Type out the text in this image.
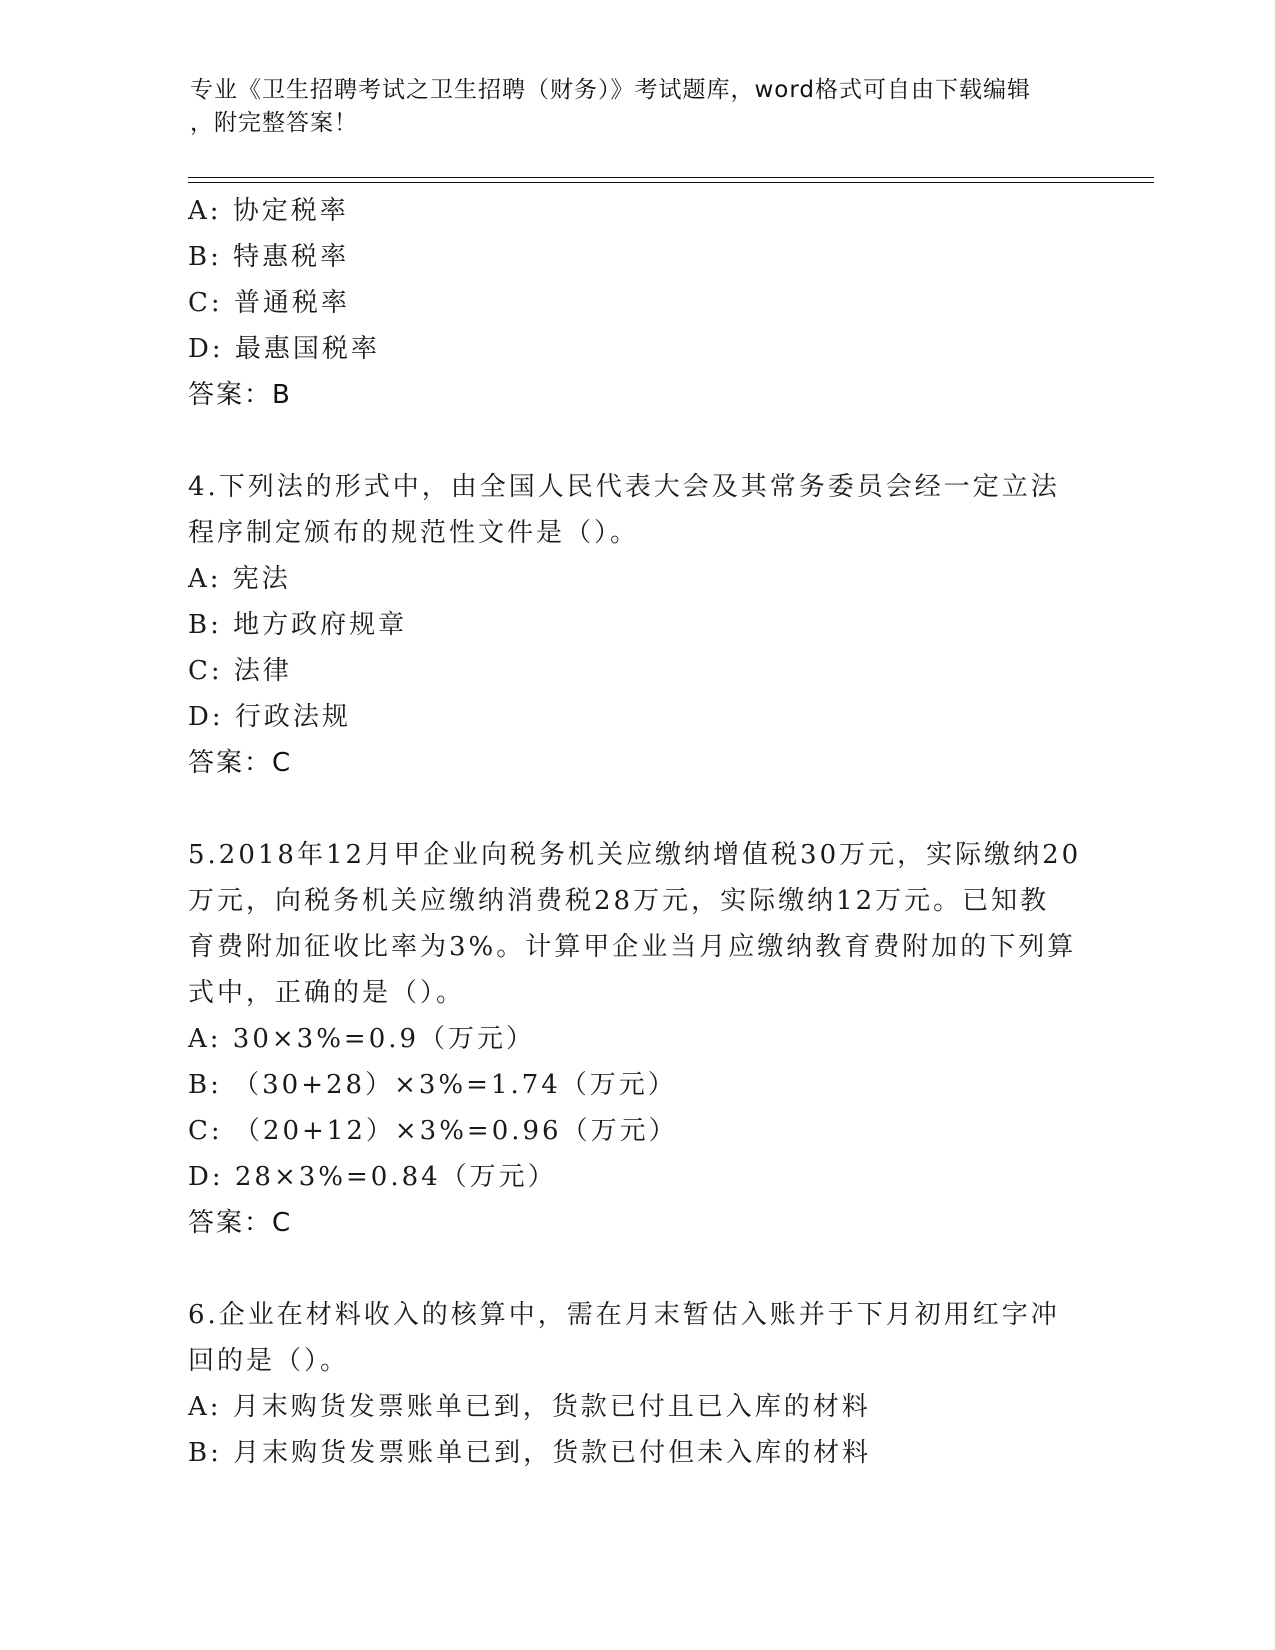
专业《卫生招聘考试之卫生招聘（财务）》考试题库，word格式可自由下载编辑
，附完整答案！
A: 协定税率
B: 特惠税率
C: 普通税率
D: 最惠国税率
答案：B
4.下列法的形式中，由全国人民代表大会及其常务委员会经一定立法
程序制定颁布的规范性文件是（）。
A: 宪法
B: 地方政府规章
C: 法律
D: 行政法规
答案：C
5.2018年12月甲企业向税务机关应缴纳增值税30万元，实际缴纳20
万元，向税务机关应缴纳消费税28万元，实际缴纳12万元。已知教
育费附加征收比率为3%。计算甲企业当月应缴纳教育费附加的下列算
式中，正确的是（）。
A: 30×3%=0.9（万元）
B: （30+28）×3%=1.74（万元）
C: （20+12）×3%=0.96（万元）
D: 28×3%=0.84（万元）
答案：C
6.企业在材料收入的核算中，需在月末暂估入账并于下月初用红字冲
回的是（）。
A: 月末购货发票账单已到，货款已付且已入库的材料
B: 月末购货发票账单已到，货款已付但未入库的材料
